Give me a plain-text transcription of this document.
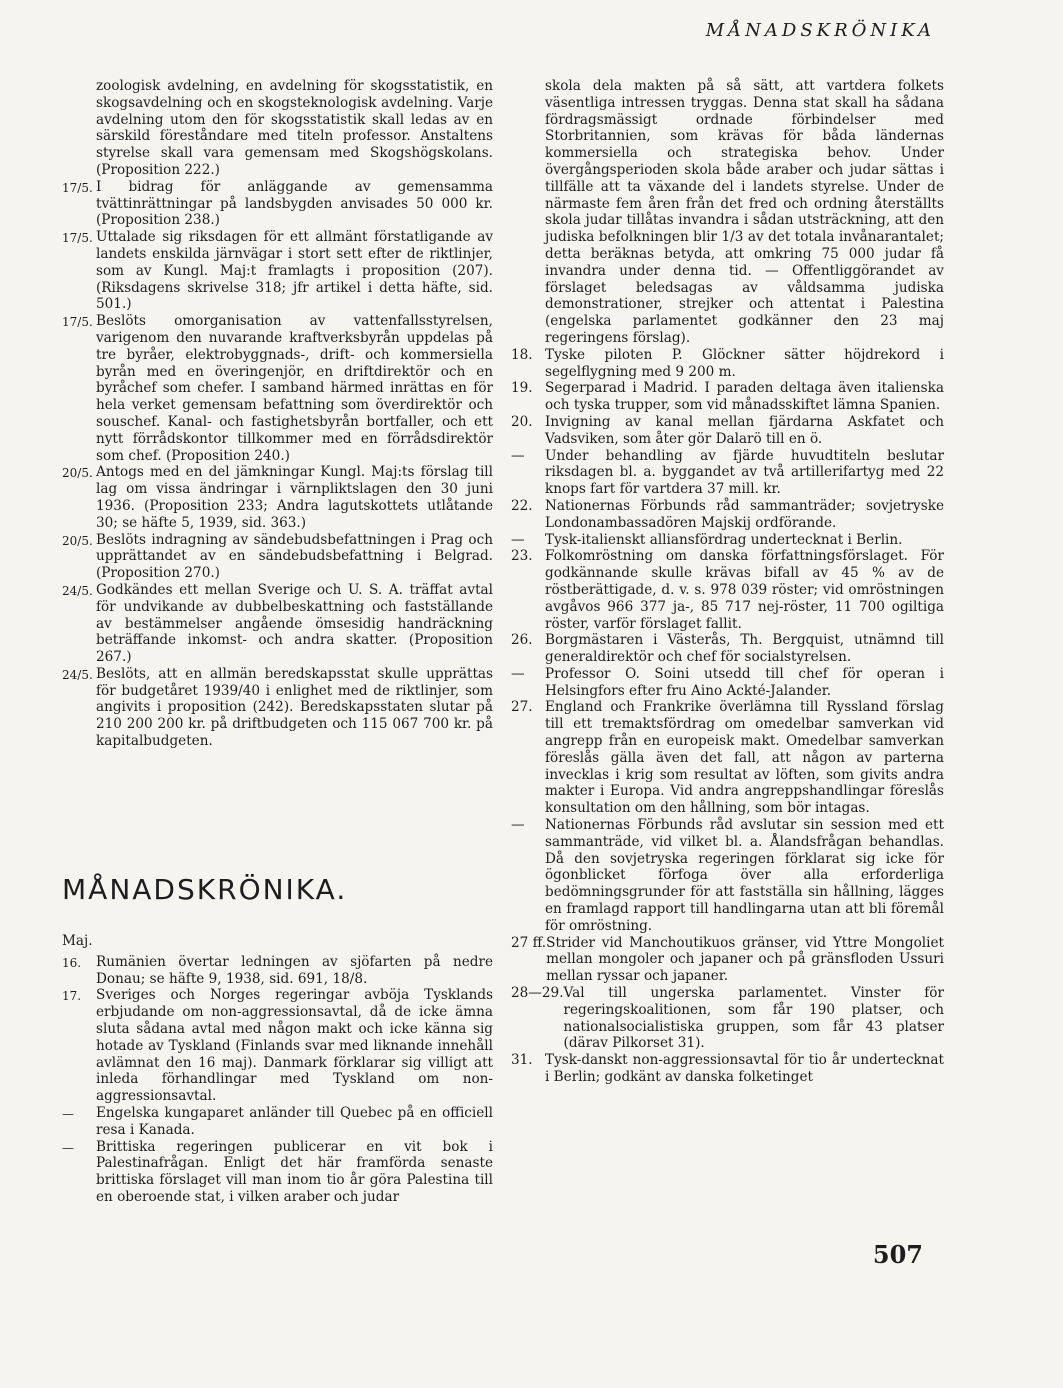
MÅNADSKRÖNIKA
zoologisk avdelning, en avdelning för skogsstatistik, en skogsavdelning och en skogsteknologisk avdelning. Varje avdelning utom den för skogsstatistik skall ledas av en särskild föreståndare med titeln professor. Anstaltens styrelse skall vara gemensam med Skogshögskolans. (Proposition 222.)
17/5. I bidrag för anläggande av gemensamma tvättinrättningar på landsbygden anvisades 50 000 kr. (Proposition 238.)
17/5. Uttalade sig riksdagen för ett allmänt förstatligande av landets enskilda järnvägar i stort sett efter de riktlinjer, som av Kungl. Maj:t framlagts i proposition (207). (Riksdagens skrivelse 318; jfr artikel i detta häfte, sid. 501.)
17/5. Beslöts omorganisation av vattenfallsstyrelsen, varigenom den nuvarande kraftverksbyrån uppdelas på tre byråer, elektrobyggnads-, drift- och kommersiella byrån med en överingenjör, en driftdirektör och en byråchef som chefer. I samband härmed inrättas en för hela verket gemensam befattning som överdirektör och souschef. Kanal- och fastighetsbyrån bortfaller, och ett nytt förrådskontor tillkommer med en förrådsdirektör som chef. (Proposition 240.)
20/5. Antogs med en del jämkningar Kungl. Maj:ts förslag till lag om vissa ändringar i värnpliktslagen den 30 juni 1936. (Proposition 233; Andra lagutskottets utlåtande 30; se häfte 5, 1939, sid. 363.)
20/5. Beslöts indragning av sändebudsbefattningen i Prag och upprättandet av en sändebudsbefattning i Belgrad. (Proposition 270.)
24/5. Godkändes ett mellan Sverige och U. S. A. träffat avtal för undvikande av dubbelbeskattning och fastställande av bestämmelser angående ömsesidig handräckning beträffande inkomst- och andra skatter. (Proposition 267.)
24/5. Beslöts, att en allmän beredskapsstat skulle upprättas för budgetåret 1939/40 i enlighet med de riktlinjer, som angivits i proposition (242). Beredskapsstaten slutar på 210 200 200 kr. på driftbudgeten och 115 067 700 kr. på kapitalbudgeten.
MÅNADSKRÖNIKA.
Maj.
16.	Rumänien övertar ledningen av sjöfarten på nedre Donau; se häfte 9, 1938, sid. 691, 18/8.
17.	Sveriges och Norges regeringar avböja Tysklands erbjudande om non-aggressionsavtal, då de icke ämna sluta sådana avtal med någon makt och icke känna sig hotade av Tyskland (Finlands svar med liknande innehåll avlämnat den 16 maj). Danmark förklarar sig villigt att inleda förhandlingar med Tyskland om non-aggressionsavtal.
—	Engelska kungaparet anländer till Quebec på en officiell resa i Kanada.
—	Brittiska regeringen publicerar en vit bok i Palestinafrågan. Enligt det här framförda senaste brittiska förslaget vill man inom tio år göra Palestina till en oberoende stat, i vilken araber och judar
skola dela makten på så sätt, att vartdera folkets väsentliga intressen tryggas. Denna stat skall ha sådana fördragsmässigt ordnade förbindelser med Storbritannien, som krävas för båda ländernas kommersiella och strategiska behov. Under övergångsperioden skola både araber och judar sättas i tillfälle att ta växande del i landets styrelse. Under de närmaste fem åren från det fred och ordning återställts skola judar tillåtas invandra i sådan utsträckning, att den judiska befolkningen blir 1/3 av det totala invånarantalet; detta beräknas betyda, att omkring 75 000 judar få invandra under denna tid. — Offentliggörandet av förslaget beledsagas av våldsamma judiska demonstrationer, strejker och attentat i Palestina (engelska parlamentet godkänner den 23 maj regeringens förslag).
18. Tyske piloten P. Glöckner sätter höjdrekord i segelflygning med 9 200 m.
19. Segerparad i Madrid. I paraden deltaga även italienska och tyska trupper, som vid månadsskiftet lämna Spanien.
20. Invigning av kanal mellan fjärdarna Askfatet och Vadsviken, som åter gör Dalarö till en ö.
—	Under behandling av fjärde huvudtiteln beslutar riksdagen bl. a. byggandet av två artillerifartyg med 22 knops fart för vartdera 37 mill. kr.
22. Nationernas Förbunds råd sammanträder; sovjetryske Londonambassadören Majskij ordförande.
—	Tysk-italienskt alliansfördrag undertecknat i Berlin.
23. Folkomröstning om danska författningsförslaget. För godkännande skulle krävas bifall av 45 % av de röstberättigade, d. v. s. 978 039 röster; vid omröstningen avgåvos 966 377 ja-, 85 717 nej-röster, 11 700 ogiltiga röster, varför förslaget fallit.
26. Borgmästaren i Västerås, Th. Bergquist, utnämnd till generaldirektör och chef för socialstyrelsen.
—	Professor O. Soini utsedd till chef för operan i Helsingfors efter fru Aino Ackté-Jalander.
27. England och Frankrike överlämna till Ryssland förslag till ett tremaktsfördrag om omedelbar samverkan vid angrepp från en europeisk makt. Omedelbar samverkan föreslås gälla även det fall, att någon av parterna invecklas i krig som resultat av löften, som givits andra makter i Europa. Vid andra angreppshandlingar föreslås konsultation om den hållning, som bör intagas.
—	Nationernas Förbunds råd avslutar sin session med ett sammanträde, vid vilket bl. a. Ålandsfrågan behandlas. Då den sovjetryska regeringen förklarat sig icke för ögonblicket förfoga över alla erforderliga bedömningsgrunder för att fastställa sin hållning, lägges en framlagd rapport till handlingarna utan att bli föremål för omröstning.
27 ff. Strider vid Manchoutikuos gränser, vid Yttre Mongoliet mellan mongoler och japaner och på gränsfloden Ussuri mellan ryssar och japaner.
28—29. Val till ungerska parlamentet. Vinster för regeringskoalitionen, som får 190 platser, och nationalsocialistiska gruppen, som får 43 platser (därav Pilkorset 31).
31. Tysk-danskt non-aggressionsavtal för tio år undertecknat i Berlin; godkänt av danska folketinget
507
